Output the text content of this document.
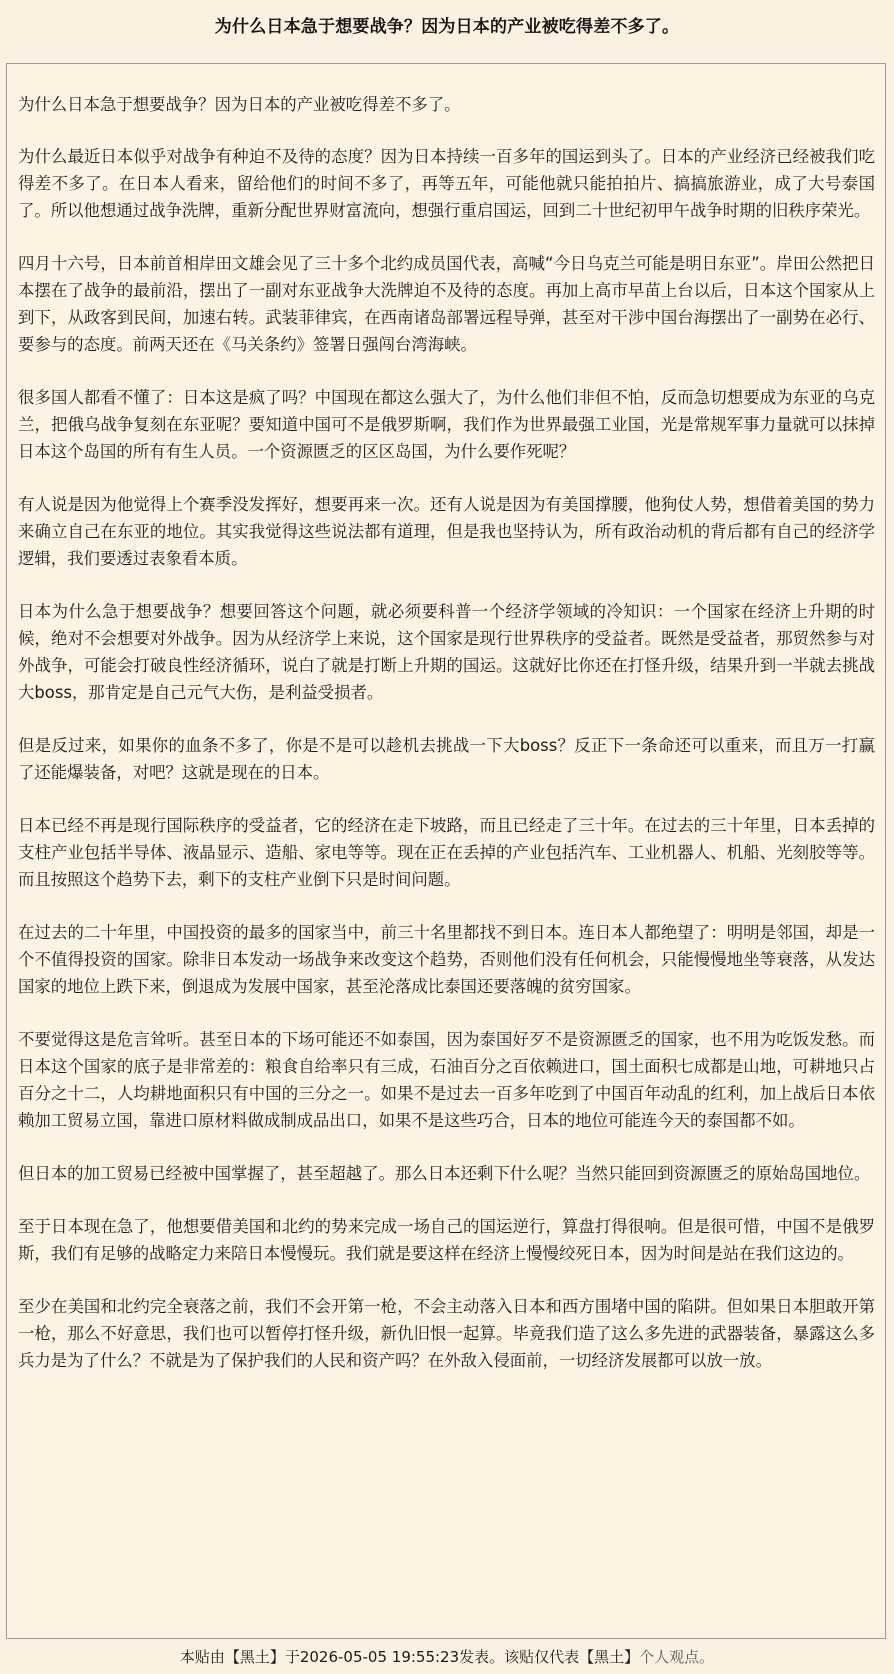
为什么日本急于想要战争？因为日本的产业被吃得差不多了。

为什么日本急于想要战争？因为日本的产业被吃得差不多了。

为什么最近日本似乎对战争有种迫不及待的态度？因为日本持续一百多年的国运到头了。日本的产业经济已经被我们吃得差不多了。在日本人看来，留给他们的时间不多了，再等五年，可能他就只能拍拍片、搞搞旅游业，成了大号泰国了。所以他想通过战争洗牌，重新分配世界财富流向，想强行重启国运，回到二十世纪初甲午战争时期的旧秩序荣光。

四月十六号，日本前首相岸田文雄会见了三十多个北约成员国代表，高喊“今日乌克兰可能是明日东亚”。岸田公然把日本摆在了战争的最前沿，摆出了一副对东亚战争大洗牌迫不及待的态度。再加上高市早苗上台以后，日本这个国家从上到下，从政客到民间，加速右转。武装菲律宾，在西南诸岛部署远程导弹，甚至对干涉中国台海摆出了一副势在必行、要参与的态度。前两天还在《马关条约》签署日强闯台湾海峡。

很多国人都看不懂了：日本这是疯了吗？中国现在都这么强大了，为什么他们非但不怕，反而急切想要成为东亚的乌克兰，把俄乌战争复刻在东亚呢？要知道中国可不是俄罗斯啊，我们作为世界最强工业国，光是常规军事力量就可以抹掉日本这个岛国的所有有生人员。一个资源匮乏的区区岛国，为什么要作死呢？

有人说是因为他觉得上个赛季没发挥好，想要再来一次。还有人说是因为有美国撑腰，他狗仗人势，想借着美国的势力来确立自己在东亚的地位。其实我觉得这些说法都有道理，但是我也坚持认为，所有政治动机的背后都有自己的经济学逻辑，我们要透过表象看本质。

日本为什么急于想要战争？想要回答这个问题，就必须要科普一个经济学领域的冷知识：一个国家在经济上升期的时候，绝对不会想要对外战争。因为从经济学上来说，这个国家是现行世界秩序的受益者。既然是受益者，那贸然参与对外战争，可能会打破良性经济循环，说白了就是打断上升期的国运。这就好比你还在打怪升级，结果升到一半就去挑战大boss，那肯定是自己元气大伤，是利益受损者。

但是反过来，如果你的血条不多了，你是不是可以趁机去挑战一下大boss？反正下一条命还可以重来，而且万一打赢了还能爆装备，对吧？这就是现在的日本。

日本已经不再是现行国际秩序的受益者，它的经济在走下坡路，而且已经走了三十年。在过去的三十年里，日本丢掉的支柱产业包括半导体、液晶显示、造船、家电等等。现在正在丢掉的产业包括汽车、工业机器人、机船、光刻胶等等。而且按照这个趋势下去，剩下的支柱产业倒下只是时间问题。

在过去的二十年里，中国投资的最多的国家当中，前三十名里都找不到日本。连日本人都绝望了：明明是邻国，却是一个不值得投资的国家。除非日本发动一场战争来改变这个趋势，否则他们没有任何机会，只能慢慢地坐等衰落，从发达国家的地位上跌下来，倒退成为发展中国家，甚至沦落成比泰国还要落魄的贫穷国家。

不要觉得这是危言耸听。甚至日本的下场可能还不如泰国，因为泰国好歹不是资源匮乏的国家，也不用为吃饭发愁。而日本这个国家的底子是非常差的：粮食自给率只有三成，石油百分之百依赖进口，国土面积七成都是山地，可耕地只占百分之十二，人均耕地面积只有中国的三分之一。如果不是过去一百多年吃到了中国百年动乱的红利，加上战后日本依赖加工贸易立国，靠进口原材料做成制成品出口，如果不是这些巧合，日本的地位可能连今天的泰国都不如。

但日本的加工贸易已经被中国掌握了，甚至超越了。那么日本还剩下什么呢？当然只能回到资源匮乏的原始岛国地位。

至于日本现在急了，他想要借美国和北约的势来完成一场自己的国运逆行，算盘打得很响。但是很可惜，中国不是俄罗斯，我们有足够的战略定力来陪日本慢慢玩。我们就是要这样在经济上慢慢绞死日本，因为时间是站在我们这边的。

至少在美国和北约完全衰落之前，我们不会开第一枪，不会主动落入日本和西方围堵中国的陷阱。但如果日本胆敢开第一枪，那么不好意思，我们也可以暂停打怪升级，新仇旧恨一起算。毕竟我们造了这么多先进的武器装备，暴露这么多兵力是为了什么？不就是为了保护我们的人民和资产吗？在外敌入侵面前，一切经济发展都可以放一放。

本贴由【黑土】于2026-05-05 19:55:23发表。该贴仅代表【黑土】 个人观点。
